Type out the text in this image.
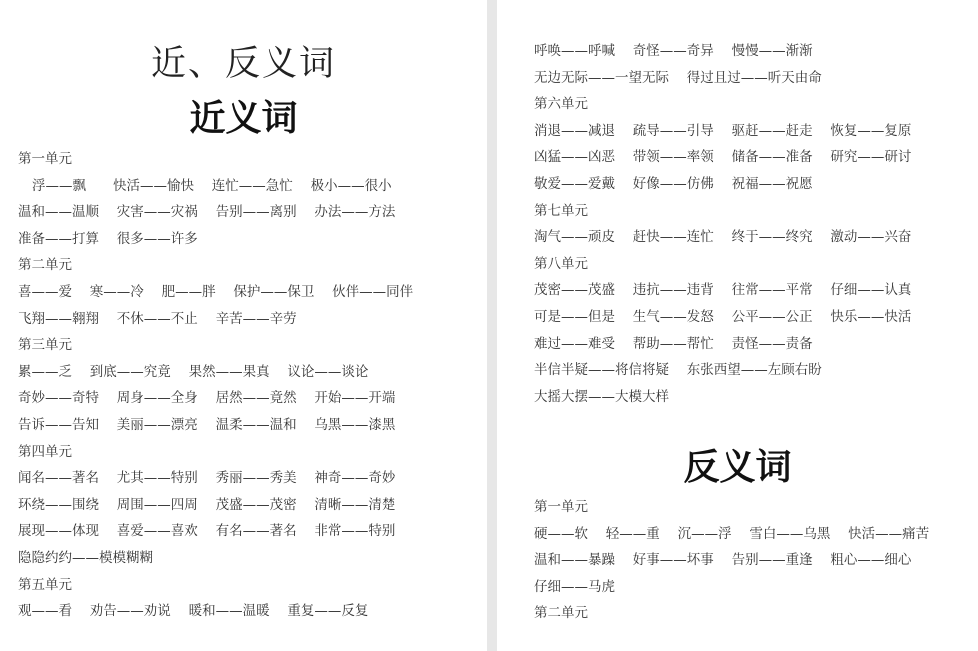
近、反义词
近义词
第一单元
浮——飘　　快活——愉快　 连忙——急忙　 极小——很小
温和——温顺　 灾害——灾祸　 告别——离别　 办法——方法
准备——打算　 很多——许多
第二单元
喜——爱　 寒——冷　 肥——胖　 保护——保卫　 伙伴——同伴
飞翔——翱翔　 不休——不止　 辛苦——辛劳
第三单元
累——乏　 到底——究竟　 果然——果真　 议论——谈论
奇妙——奇特　 周身——全身　 居然——竟然　 开始——开端
告诉——告知　 美丽——漂亮　 温柔——温和　 乌黑——漆黑
第四单元
闻名——著名　 尤其——特别　 秀丽——秀美　 神奇——奇妙
环绕——围绕　 周围——四周　 茂盛——茂密　 清晰——清楚
展现——体现　 喜爱——喜欢　 有名——著名　 非常——特别
隐隐约约——模模糊糊
第五单元
观——看　 劝告——劝说　 暖和——温暖　 重复——反复
呼唤——呼喊　 奇怪——奇异　 慢慢——渐渐
无边无际——一望无际　 得过且过——听天由命
第六单元
消退——减退　 疏导——引导　 驱赶——赶走　 恢复——复原
凶猛——凶恶　 带领——率领　 储备——准备　 研究——研讨
敬爱——爱戴　 好像——仿佛　 祝福——祝愿
第七单元
淘气——顽皮　 赶快——连忙　 终于——终究　 激动——兴奋
第八单元
茂密——茂盛　 违抗——违背　 往常——平常　 仔细——认真
可是——但是　 生气——发怒　 公平——公正　 快乐——快活
难过——难受　 帮助——帮忙　 责怪——责备
半信半疑——将信将疑　 东张西望——左顾右盼
大摇大摆——大模大样
反义词
第一单元
硬——软　 轻——重　 沉——浮　 雪白——乌黑　 快活——痛苦
温和——暴躁　 好事——坏事　 告别——重逢　 粗心——细心
仔细——马虎
第二单元
